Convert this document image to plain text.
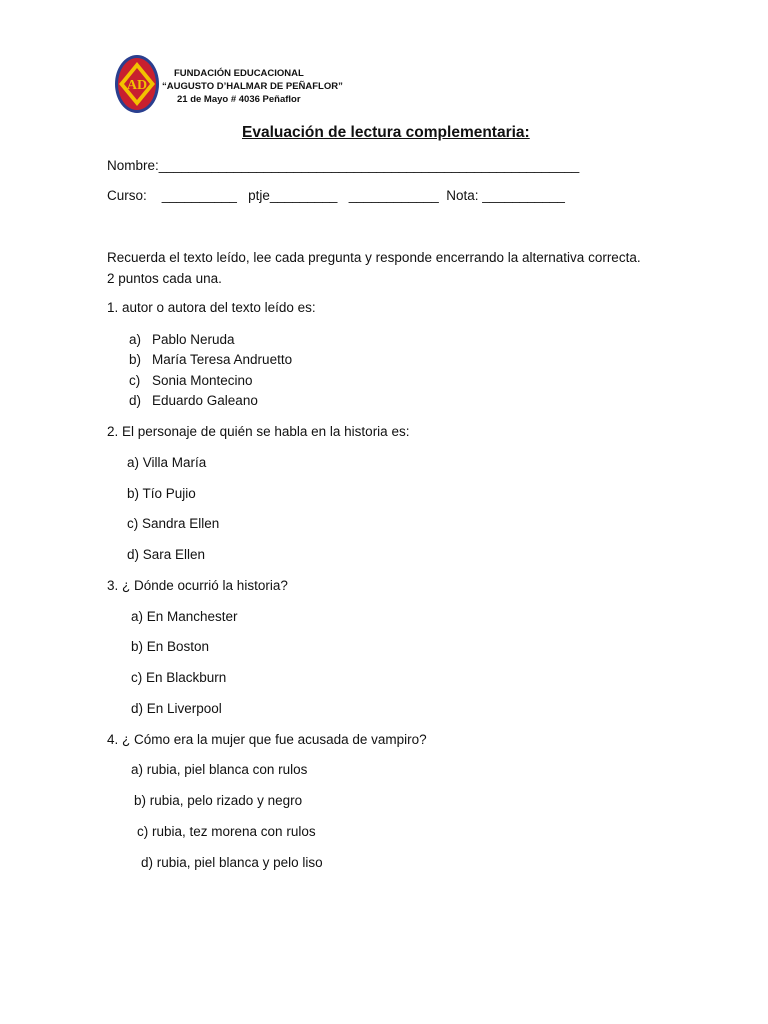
AD
FUNDACIÓN EDUCACIONAL
“AUGUSTO D’HALMAR DE PEÑAFLOR”
21 de Mayo # 4036 Peñaflor
Evaluación de lectura complementaria:
Nombre:________________________________________________________
Curso:    __________   ptje_________   ____________  Nota: ___________
Recuerda el texto leído, lee cada pregunta y responde encerrando la alternativa correcta.
2 puntos cada una.
1. autor o autora del texto leído es:
a) Pablo Neruda
b) María Teresa Andruetto
c) Sonia Montecino
d) Eduardo Galeano
2. El personaje de quién se habla en la historia es:
a) Villa María
b) Tío Pujio
c) Sandra Ellen
d) Sara Ellen
3. ¿ Dónde ocurrió la historia?
a) En Manchester
b) En Boston
c) En Blackburn
d) En Liverpool
4. ¿ Cómo era la mujer que fue acusada de vampiro?
a) rubia, piel blanca con rulos
b) rubia, pelo rizado y negro
c) rubia, tez morena con rulos
d) rubia, piel blanca y pelo liso
